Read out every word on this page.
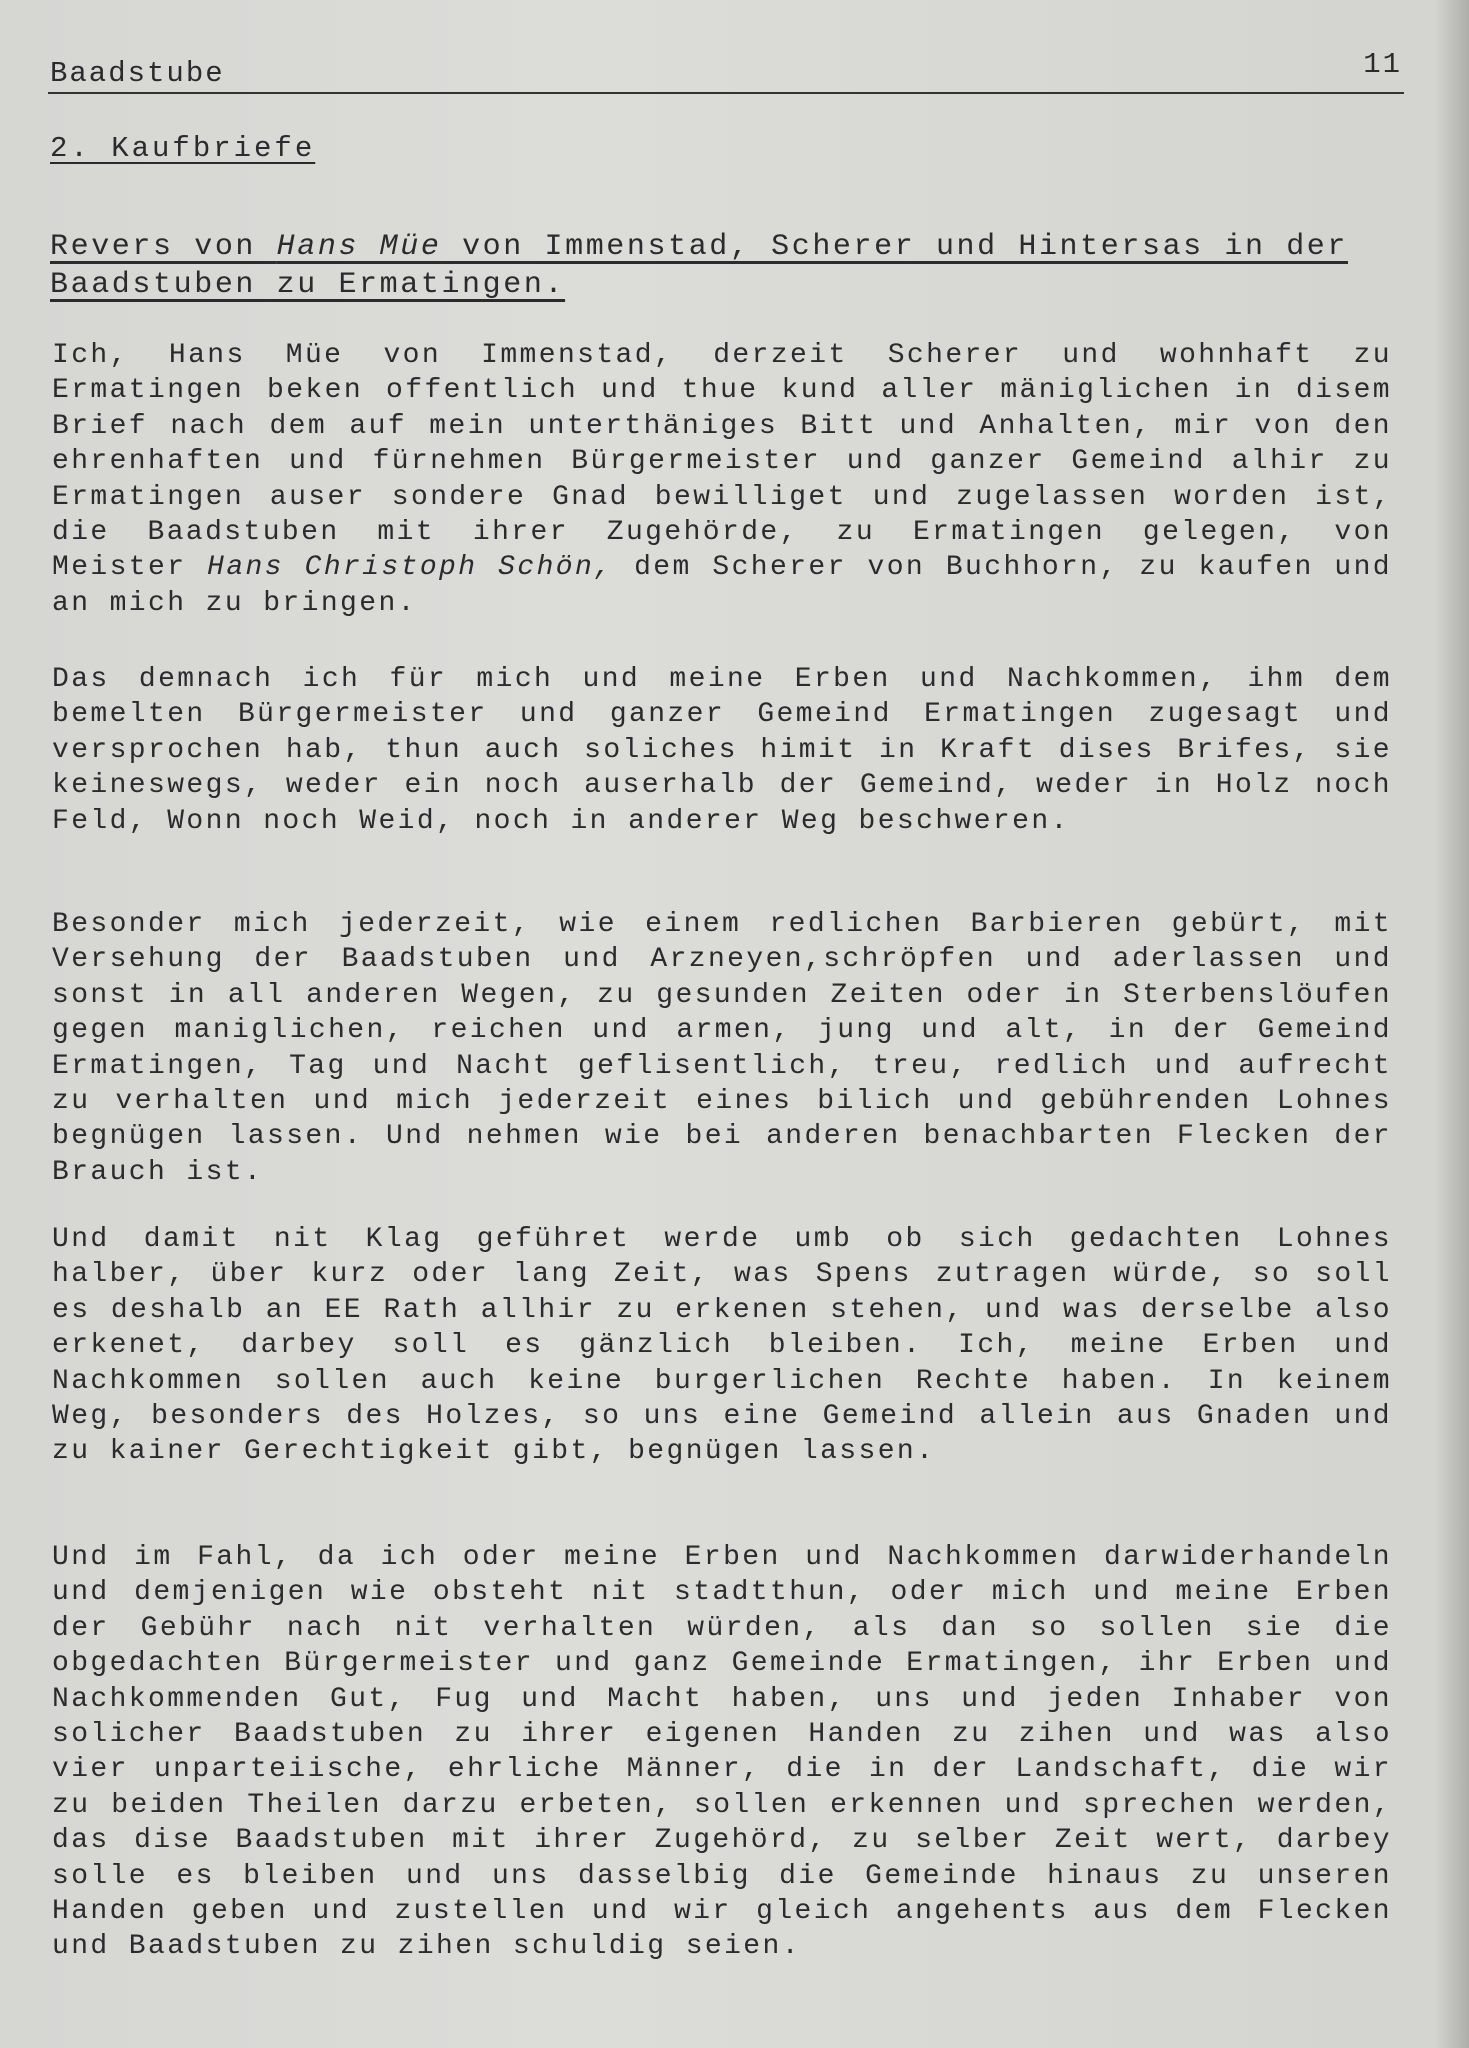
Baadstube	11
2. Kaufbriefe
Revers von Hans Müe von Immenstad, Scherer und Hintersas in der Baadstuben zu Ermatingen.
Ich, Hans Müe von Immenstad, derzeit Scherer und wohnhaft zu Ermatingen beken offentlich und thue kund aller mäniglichen in disem Brief nach dem auf mein unterthäniges Bitt und Anhalten, mir von den ehrenhaften und fürnehmen Bürgermeister und ganzer Gemeind alhir zu Ermatingen auser sondere Gnad bewilliget und zugelassen worden ist, die Baadstuben mit ihrer Zugehörde, zu Ermatingen gelegen, von Meister Hans Christoph Schön, dem Scherer von Buchhorn, zu kaufen und an mich zu bringen.
Das demnach ich für mich und meine Erben und Nachkommen, ihm dem bemelten Bürgermeister und ganzer Gemeind Ermatingen zugesagt und versprochen hab, thun auch soliches himit in Kraft dises Brifes, sie keineswegs, weder ein noch auserhalb der Gemeind, weder in Holz noch Feld, Wonn noch Weid, noch in anderer Weg beschweren.
Besonder mich jederzeit, wie einem redlichen Barbieren gebürt, mit Versehung der Baadstuben und Arzneyen,schröpfen und aderlassen und sonst in all anderen Wegen, zu gesunden Zeiten oder in Sterbenslöufen gegen maniglichen, reichen und armen, jung und alt, in der Gemeind Ermatingen, Tag und Nacht geflisentlich, treu, redlich und aufrecht zu verhalten und mich jederzeit eines bilich und gebührenden Lohnes begnügen lassen. Und nehmen wie bei anderen benachbarten Flecken der Brauch ist.
Und damit nit Klag geführet werde umb ob sich gedachten Lohnes halber, über kurz oder lang Zeit, was Spens zutragen würde, so soll es deshalb an EE Rath allhir zu erkenen stehen, und was derselbe also erkenet, darbey soll es gänzlich bleiben. Ich, meine Erben und Nachkommen sollen auch keine burgerlichen Rechte haben. In keinem Weg, besonders des Holzes, so uns eine Gemeind allein aus Gnaden und zu kainer Gerechtigkeit gibt, begnügen lassen.
Und im Fahl, da ich oder meine Erben und Nachkommen darwiderhandeln und demjenigen wie obsteht nit stadtthun, oder mich und meine Erben der Gebühr nach nit verhalten würden, als dan so sollen sie die obgedachten Bürgermeister und ganz Gemeinde Ermatingen, ihr Erben und Nachkommenden Gut, Fug und Macht haben, uns und jeden Inhaber von solicher Baadstuben zu ihrer eigenen Handen zu zihen und was also vier unparteiische, ehrliche Männer, die in der Landschaft, die wir zu beiden Theilen darzu erbeten, sollen erkennen und sprechen werden, das dise Baadstuben mit ihrer Zugehörd, zu selber Zeit wert, darbey solle es bleiben und uns dasselbig die Gemeinde hinaus zu unseren Handen geben und zustellen und wir gleich angehents aus dem Flecken und Baadstuben zu zihen schuldig seien.
